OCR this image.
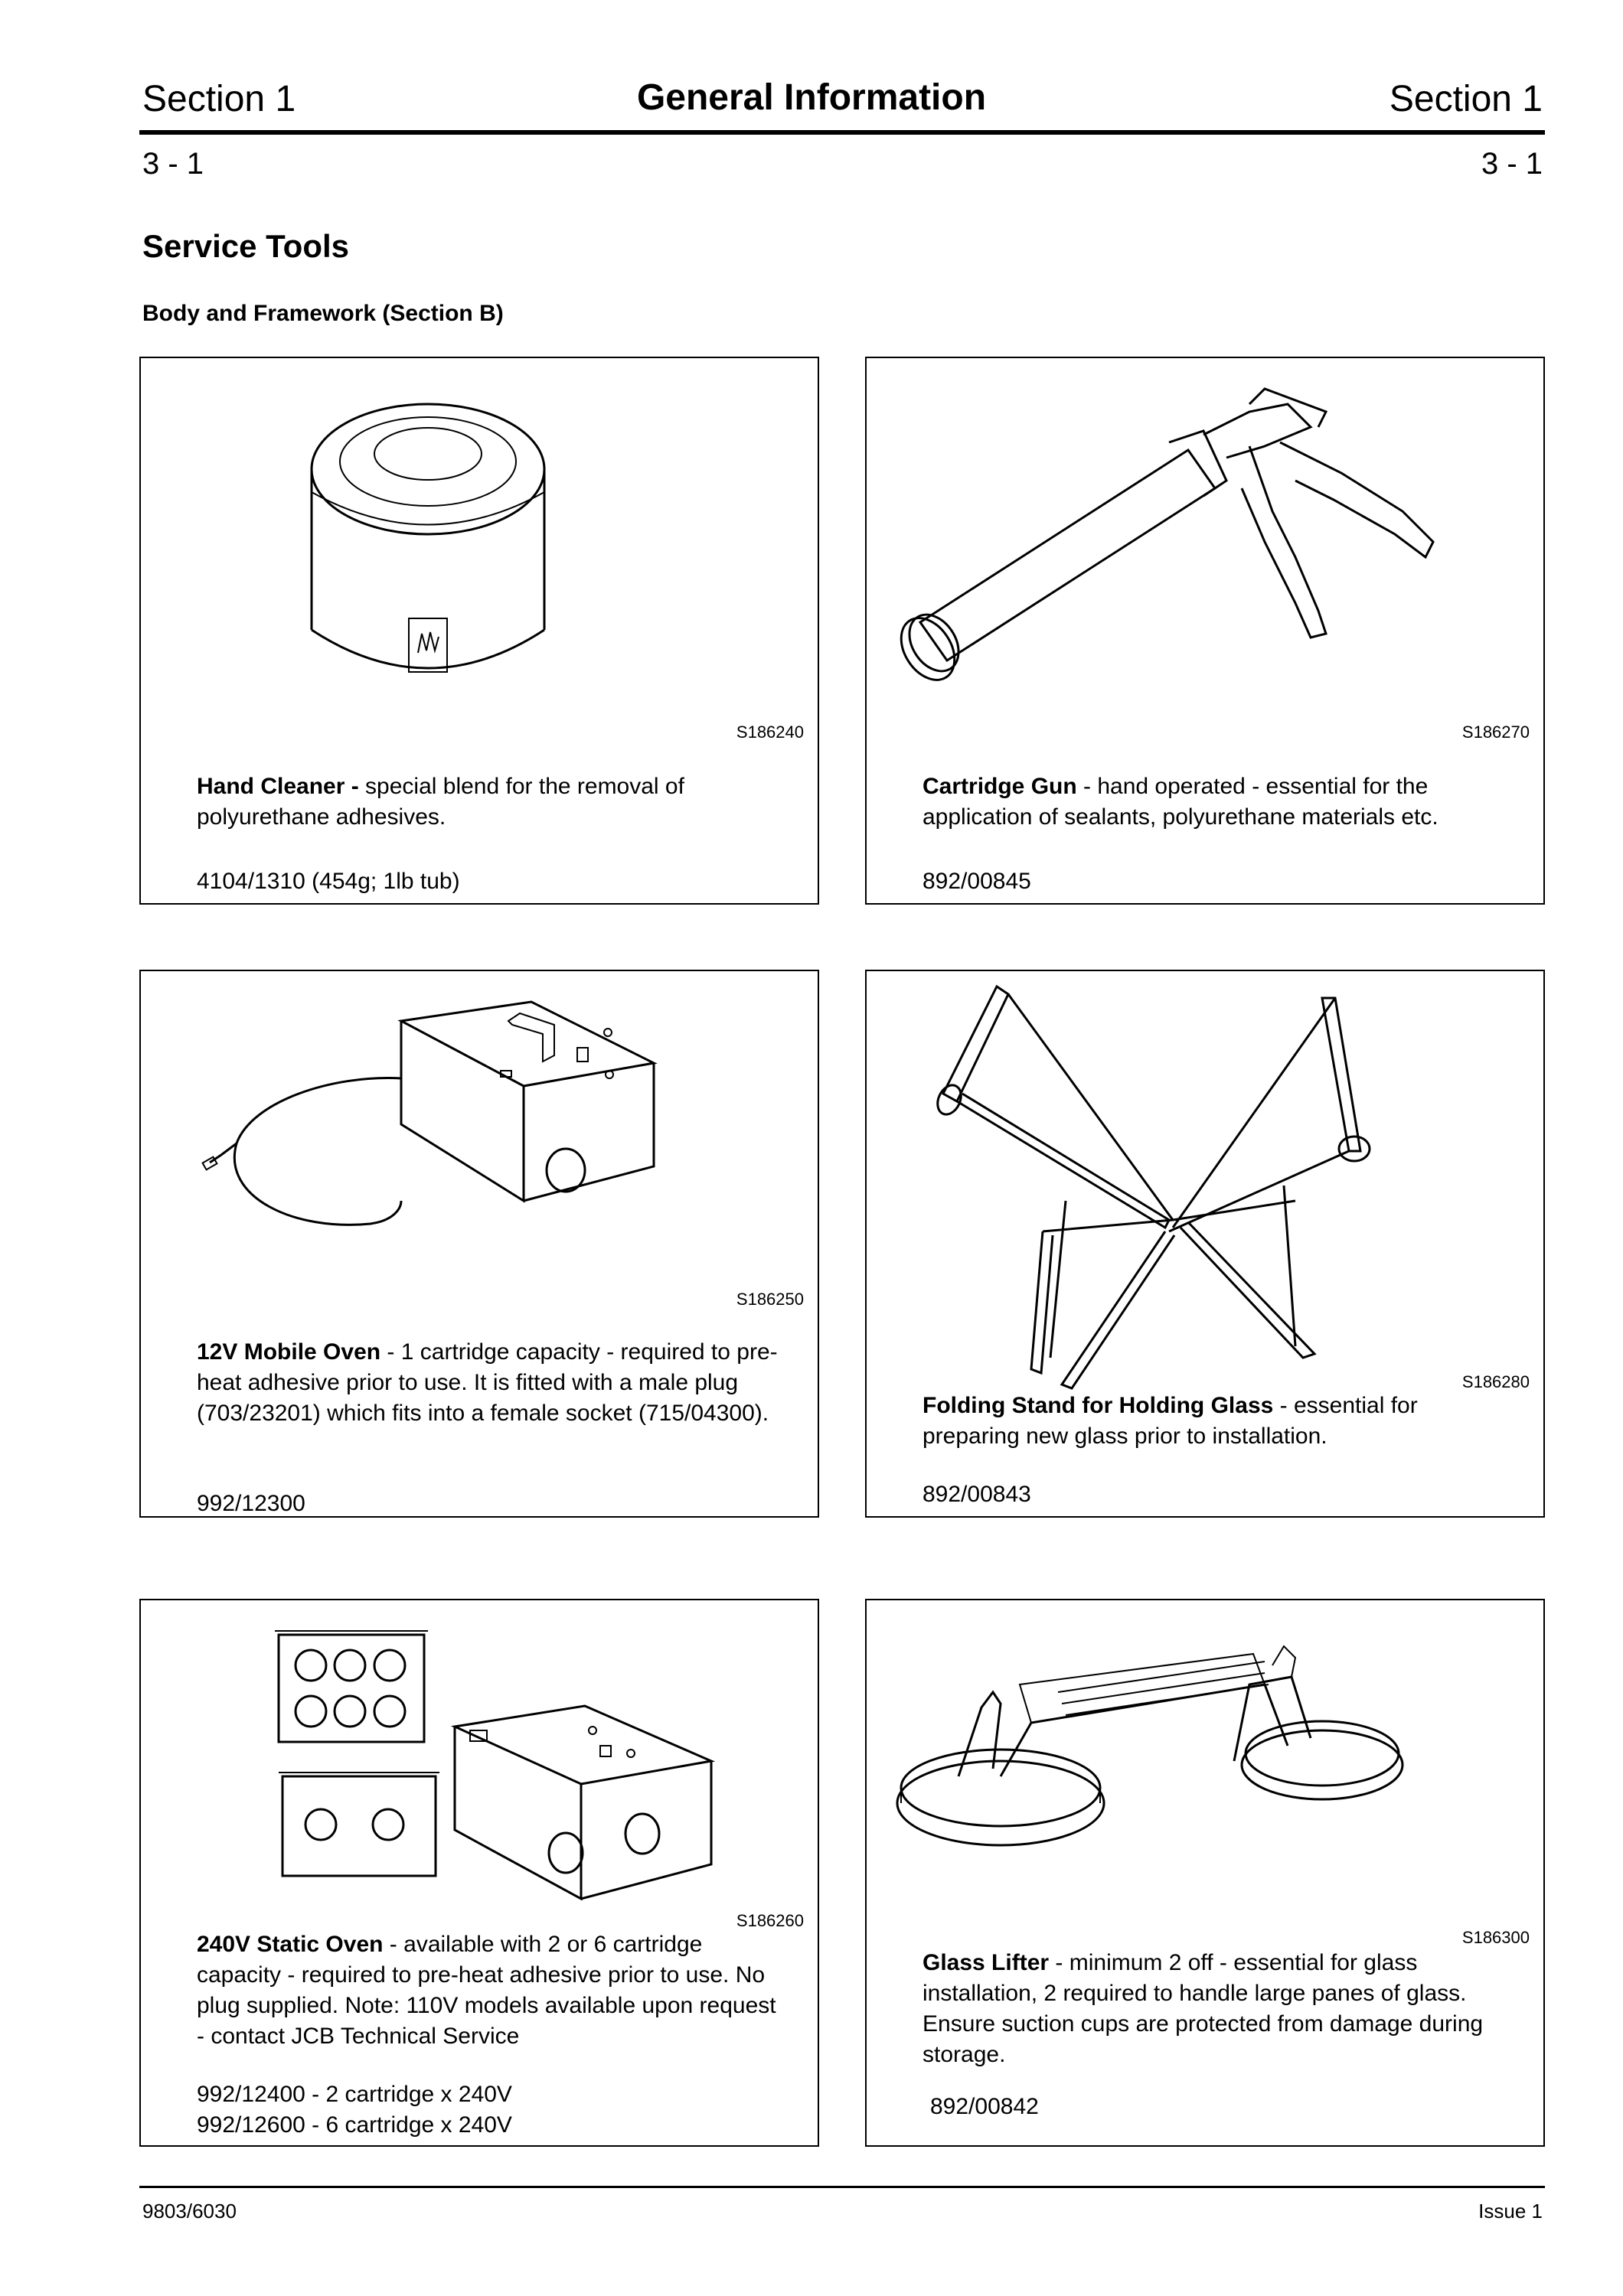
Section 1	General Information	Section 1
3 - 1	3 - 1
Service Tools
Body and Framework (Section B)
S186240
Hand Cleaner - special blend for the removal of polyurethane adhesives.
4104/1310 (454g; 1lb tub)
S186270
Cartridge Gun - hand operated - essential for the application of sealants, polyurethane materials etc.
892/00845
S186250
12V Mobile Oven - 1 cartridge capacity - required to pre-heat adhesive prior to use. It is fitted with a male plug (703/23201) which fits into a female socket (715/04300).
992/12300
S186280
Folding Stand for Holding Glass - essential for preparing new glass prior to installation.
892/00843
S186260
240V Static Oven - available with 2 or 6 cartridge capacity - required to pre-heat adhesive prior to use. No plug supplied. Note: 110V models available upon request - contact JCB Technical Service
992/12400 - 2 cartridge x 240V
992/12600 - 6 cartridge x 240V
S186300
Glass Lifter - minimum 2 off - essential for glass installation, 2 required to handle large panes of glass. Ensure suction cups are protected from damage during storage.
892/00842
9803/6030	Issue 1
